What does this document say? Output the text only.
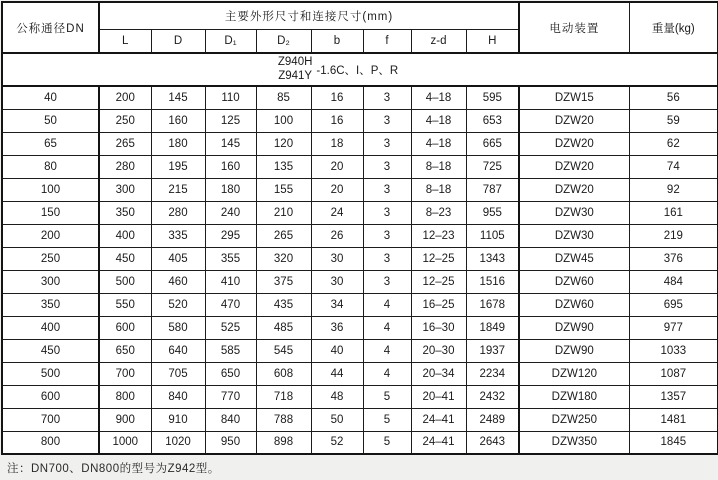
公称通径DN	主要外形尺寸和连接尺寸(mm)								电动装置	重量(kg)
	L	D	D₁	D₂	b	f	z-d	H		

Z940H
Z941Y -1.6C、I、P、R										

40	200	145	110	85	16	3	4–18	595	DZW15	56
50	250	160	125	100	16	3	4–18	653	DZW20	59
65	265	180	145	120	18	3	4–18	665	DZW20	62
80	280	195	160	135	20	3	8–18	725	DZW20	74
100	300	215	180	155	20	3	8–18	787	DZW20	92
150	350	280	240	210	24	3	8–23	955	DZW30	161
200	400	335	295	265	26	3	12–23	1105	DZW30	219
250	450	405	355	320	30	3	12–25	1343	DZW45	376
300	500	460	410	375	30	3	12–25	1516	DZW60	484
350	550	520	470	435	34	4	16–25	1678	DZW60	695
400	600	580	525	485	36	4	16–30	1849	DZW90	977
450	650	640	585	545	40	4	20–30	1937	DZW90	1033
500	700	705	650	608	44	4	20–34	2234	DZW120	1087
600	800	840	770	718	48	5	20–41	2432	DZW180	1357
700	900	910	840	788	50	5	24–41	2489	DZW250	1481
800	1000	1020	950	898	52	5	24–41	2643	DZW350	1845
注：DN700、DN800的型号为Z942型。
